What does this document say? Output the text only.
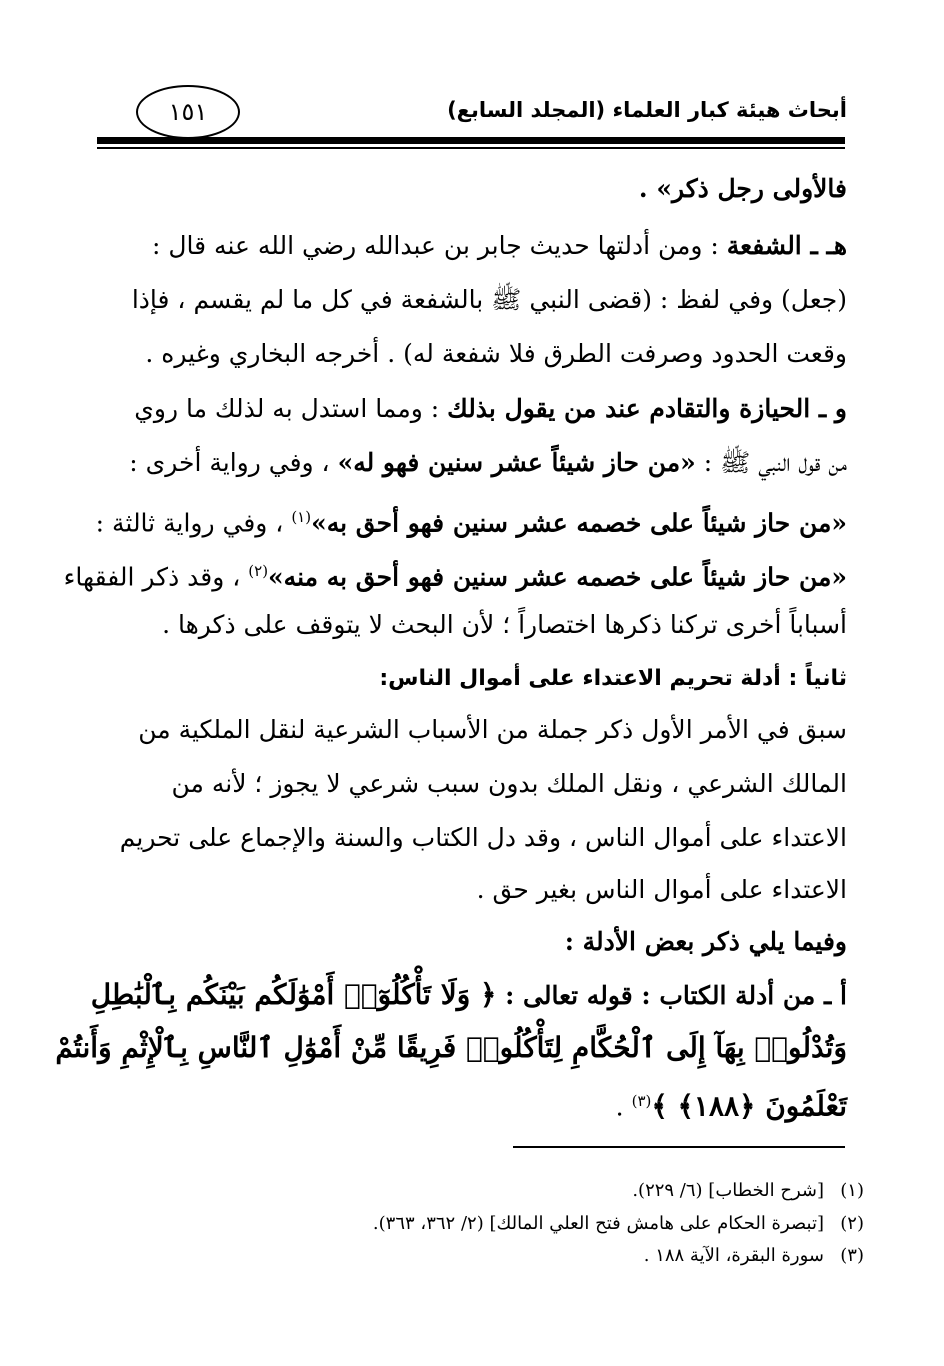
أبحاث هيئة كبار العلماء (المجلد السابع)
١٥١
فالأولى رجل ذكر» .
هـ ـ الشفعة : ومن أدلتها حديث جابر بن عبدالله رضي الله عنه قال :
(جعل) وفي لفظ : (قضى النبي ﷺ بالشفعة في كل ما لم يقسم ، فإذا
وقعت الحدود وصرفت الطرق فلا شفعة له) . أخرجه البخاري وغيره .
و ـ الحيازة والتقادم عند من يقول بذلك : ومما استدل به لذلك ما روي
من قول النبي ﷺ : «من حاز شيئاً عشر سنين فهو له» ، وفي رواية أخرى :
«من حاز شيئاً على خصمه عشر سنين فهو أحق به»$^{(١)}$ ، وفي رواية ثالثة :
«من حاز شيئاً على خصمه عشر سنين فهو أحق به منه»$^{(٢)}$ ، وقد ذكر الفقهاء
أسباباً أخرى تركنا ذكرها اختصاراً ؛ لأن البحث لا يتوقف على ذكرها .
ثانياً : أدلة تحريم الاعتداء على أموال الناس:
سبق في الأمر الأول ذكر جملة من الأسباب الشرعية لنقل الملكية من
المالك الشرعي ، ونقل الملك بدون سبب شرعي لا يجوز ؛ لأنه من
الاعتداء على أموال الناس ، وقد دل الكتاب والسنة والإجماع على تحريم
الاعتداء على أموال الناس بغير حق .
وفيما يلي ذكر بعض الأدلة :
أ ـ من أدلة الكتاب : قوله تعالى : ﴿ وَلَا تَأْكُلُوٓا۟ أَمْوَٰلَكُم بَيْنَكُم بِٱلْبَٰطِلِ
وَتُدْلُوا۟ بِهَآ إِلَى ٱلْحُكَّامِ لِتَأْكُلُوا۟ فَرِيقًا مِّنْ أَمْوَٰلِ ٱلنَّاسِ بِٱلْإِثْمِ وَأَنتُمْ
تَعْلَمُونَ ﴿١٨٨﴾ ﴾$^{(٣)}$ .
(١)[شرح الخطاب] (٦/ ٢٢٩).
(٢)[تبصرة الحكام على هامش فتح العلي المالك] (٢/ ٣٦٢، ٣٦٣).
(٣)سورة البقرة، الآية ١٨٨ .
